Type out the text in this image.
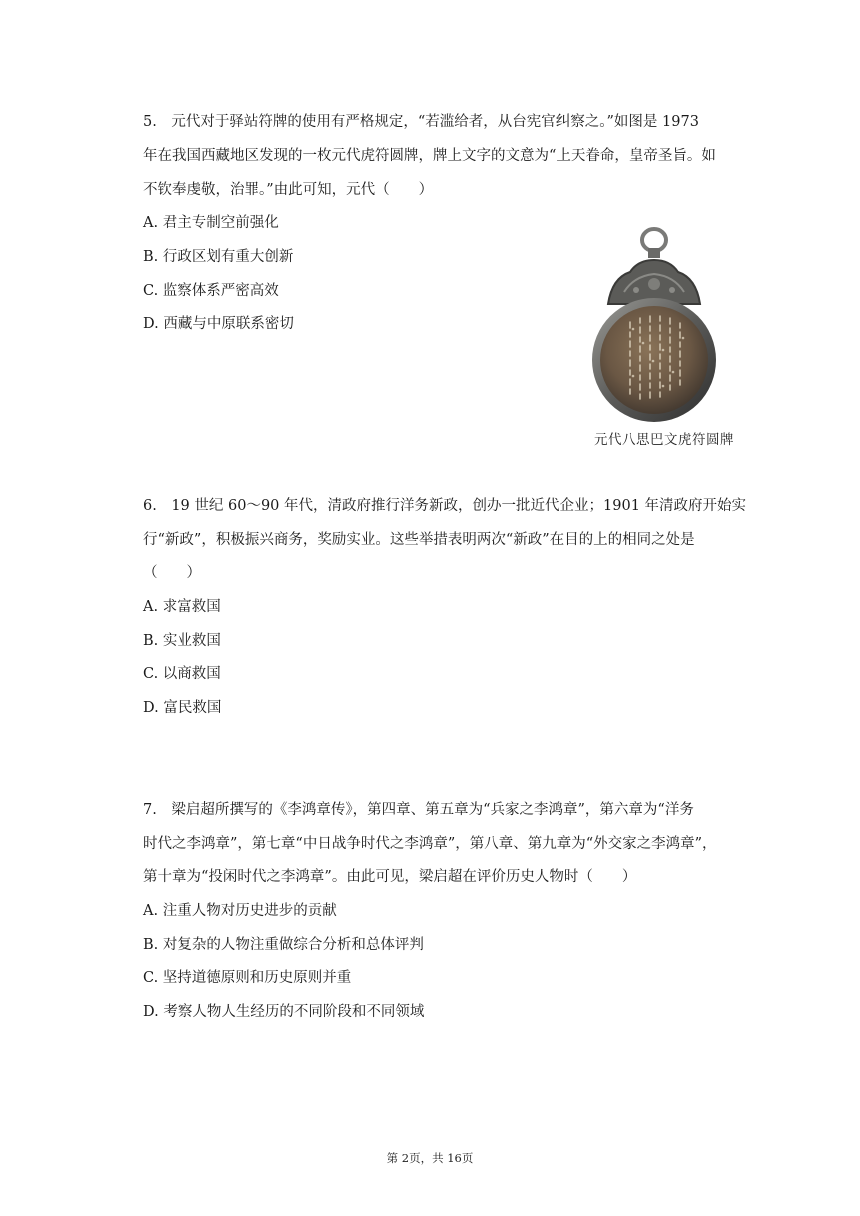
5.　元代对于驿站符牌的使用有严格规定，“若滥给者，从台宪官纠察之。”如图是 1973
年在我国西藏地区发现的一枚元代虎符圆牌，牌上文字的文意为“上天眷命，皇帝圣旨。如
不钦奉虔敬，治罪。”由此可知，元代（　　）
A. 君主专制空前强化
B. 行政区划有重大创新
C. 监察体系严密高效
D. 西藏与中原联系密切
元代八思巴文虎符圆牌
6.　19 世纪 60～90 年代，清政府推行洋务新政，创办一批近代企业；1901 年清政府开始实
行“新政”，积极振兴商务，奖励实业。这些举措表明两次“新政”在目的上的相同之处是
（　　）
A. 求富救国
B. 实业救国
C. 以商救国
D. 富民救国
7.　梁启超所撰写的《李鸿章传》，第四章、第五章为“兵家之李鸿章”，第六章为“洋务
时代之李鸿章”，第七章“中日战争时代之李鸿章”，第八章、第九章为“外交家之李鸿章”，
第十章为“投闲时代之李鸿章”。由此可见，梁启超在评价历史人物时（　　）
A. 注重人物对历史进步的贡献
B. 对复杂的人物注重做综合分析和总体评判
C. 坚持道德原则和历史原则并重
D. 考察人物人生经历的不同阶段和不同领域
第 2页，共 16页
